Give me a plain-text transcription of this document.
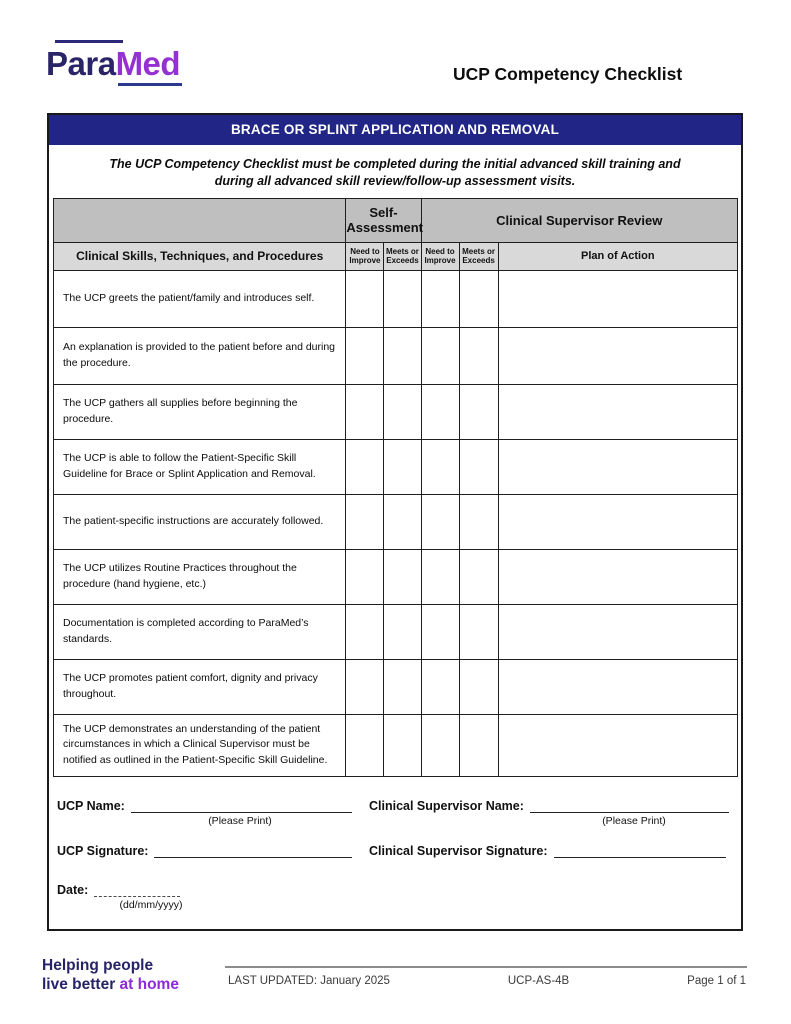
ParaMed	UCP Competency Checklist
BRACE OR SPLINT APPLICATION AND REMOVAL
The UCP Competency Checklist must be completed during the initial advanced skill training and
during all advanced skill review/follow-up assessment visits.
	Self-Assessment		Clinical Supervisor Review		
Clinical Skills, Techniques, and Procedures	Need to Improve	Meets or Exceeds	Need to Improve	Meets or Exceeds	Plan of Action
The UCP greets the patient/family and introduces self.					
An explanation is provided to the patient before and during the procedure.					
The UCP gathers all supplies before beginning the procedure.					
The UCP is able to follow the Patient-Specific Skill Guideline for Brace or Splint Application and Removal.					
The patient-specific instructions are accurately followed.					
The UCP utilizes Routine Practices throughout the procedure (hand hygiene, etc.)					
Documentation is completed according to ParaMed’s standards.					
The UCP promotes patient comfort, dignity and privacy throughout.					
The UCP demonstrates an understanding of the patient circumstances in which a Clinical Supervisor must be notified as outlined in the Patient-Specific Skill Guideline.					
UCP Name:
(Please Print)
Clinical Supervisor Name:
(Please Print)
UCP Signature:	Clinical Supervisor Signature:
Date:
(dd/mm/yyyy)
Helping people
live better at home	LAST UPDATED: January 2025	UCP-AS-4B	Page 1 of 1
